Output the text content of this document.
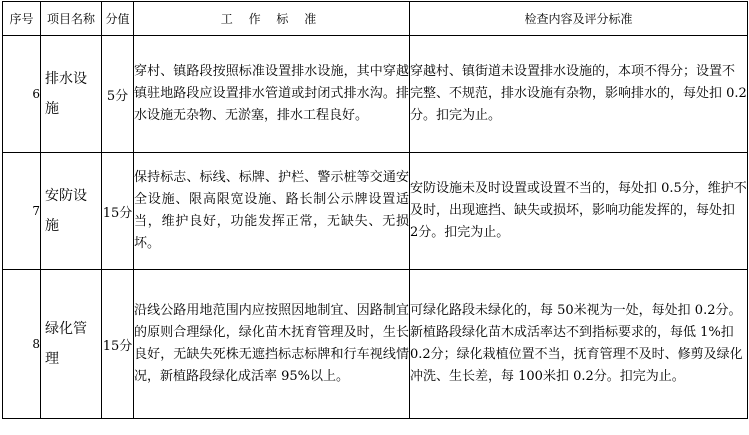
序号	项目名称	分值	工 作 标 准	检查内容及评分标准
6	排水设施	5分	穿村、镇路段按照标准设置排水设施，其中穿越镇驻地路段应设置排水管道或封闭式排水沟。排水设施无杂物、无淤塞，排水工程良好。	穿越村、镇街道未设置排水设施的，本项不得分；设置不完整、不规范，排水设施有杂物，影响排水的，每处扣 0.2分。扣完为止。
7	安防设施	15分	保持标志、标线、标牌、护栏、警示桩等交通安全设施、限高限宽设施、路长制公示牌设置适当，维护良好，功能发挥正常，无缺失、无损坏。	安防设施未及时设置或设置不当的，每处扣 0.5分，维护不及时，出现遮挡、缺失或损坏，影响功能发挥的，每处扣 2分。扣完为止。
8	绿化管理	15分	沿线公路用地范围内应按照因地制宜、因路制宜的原则合理绿化，绿化苗木抚育管理及时，生长良好，无缺失死株无遮挡标志标牌和行车视线情况，新植路段绿化成活率 95%以上。	可绿化路段未绿化的，每 50米视为一处，每处扣 0.2分。新植路段绿化苗木成活率达不到指标要求的，每低 1%扣 0.2分；绿化栽植位置不当，抚育管理不及时、修剪及绿化冲洗、生长差，每 100米扣 0.2分。扣完为止。
